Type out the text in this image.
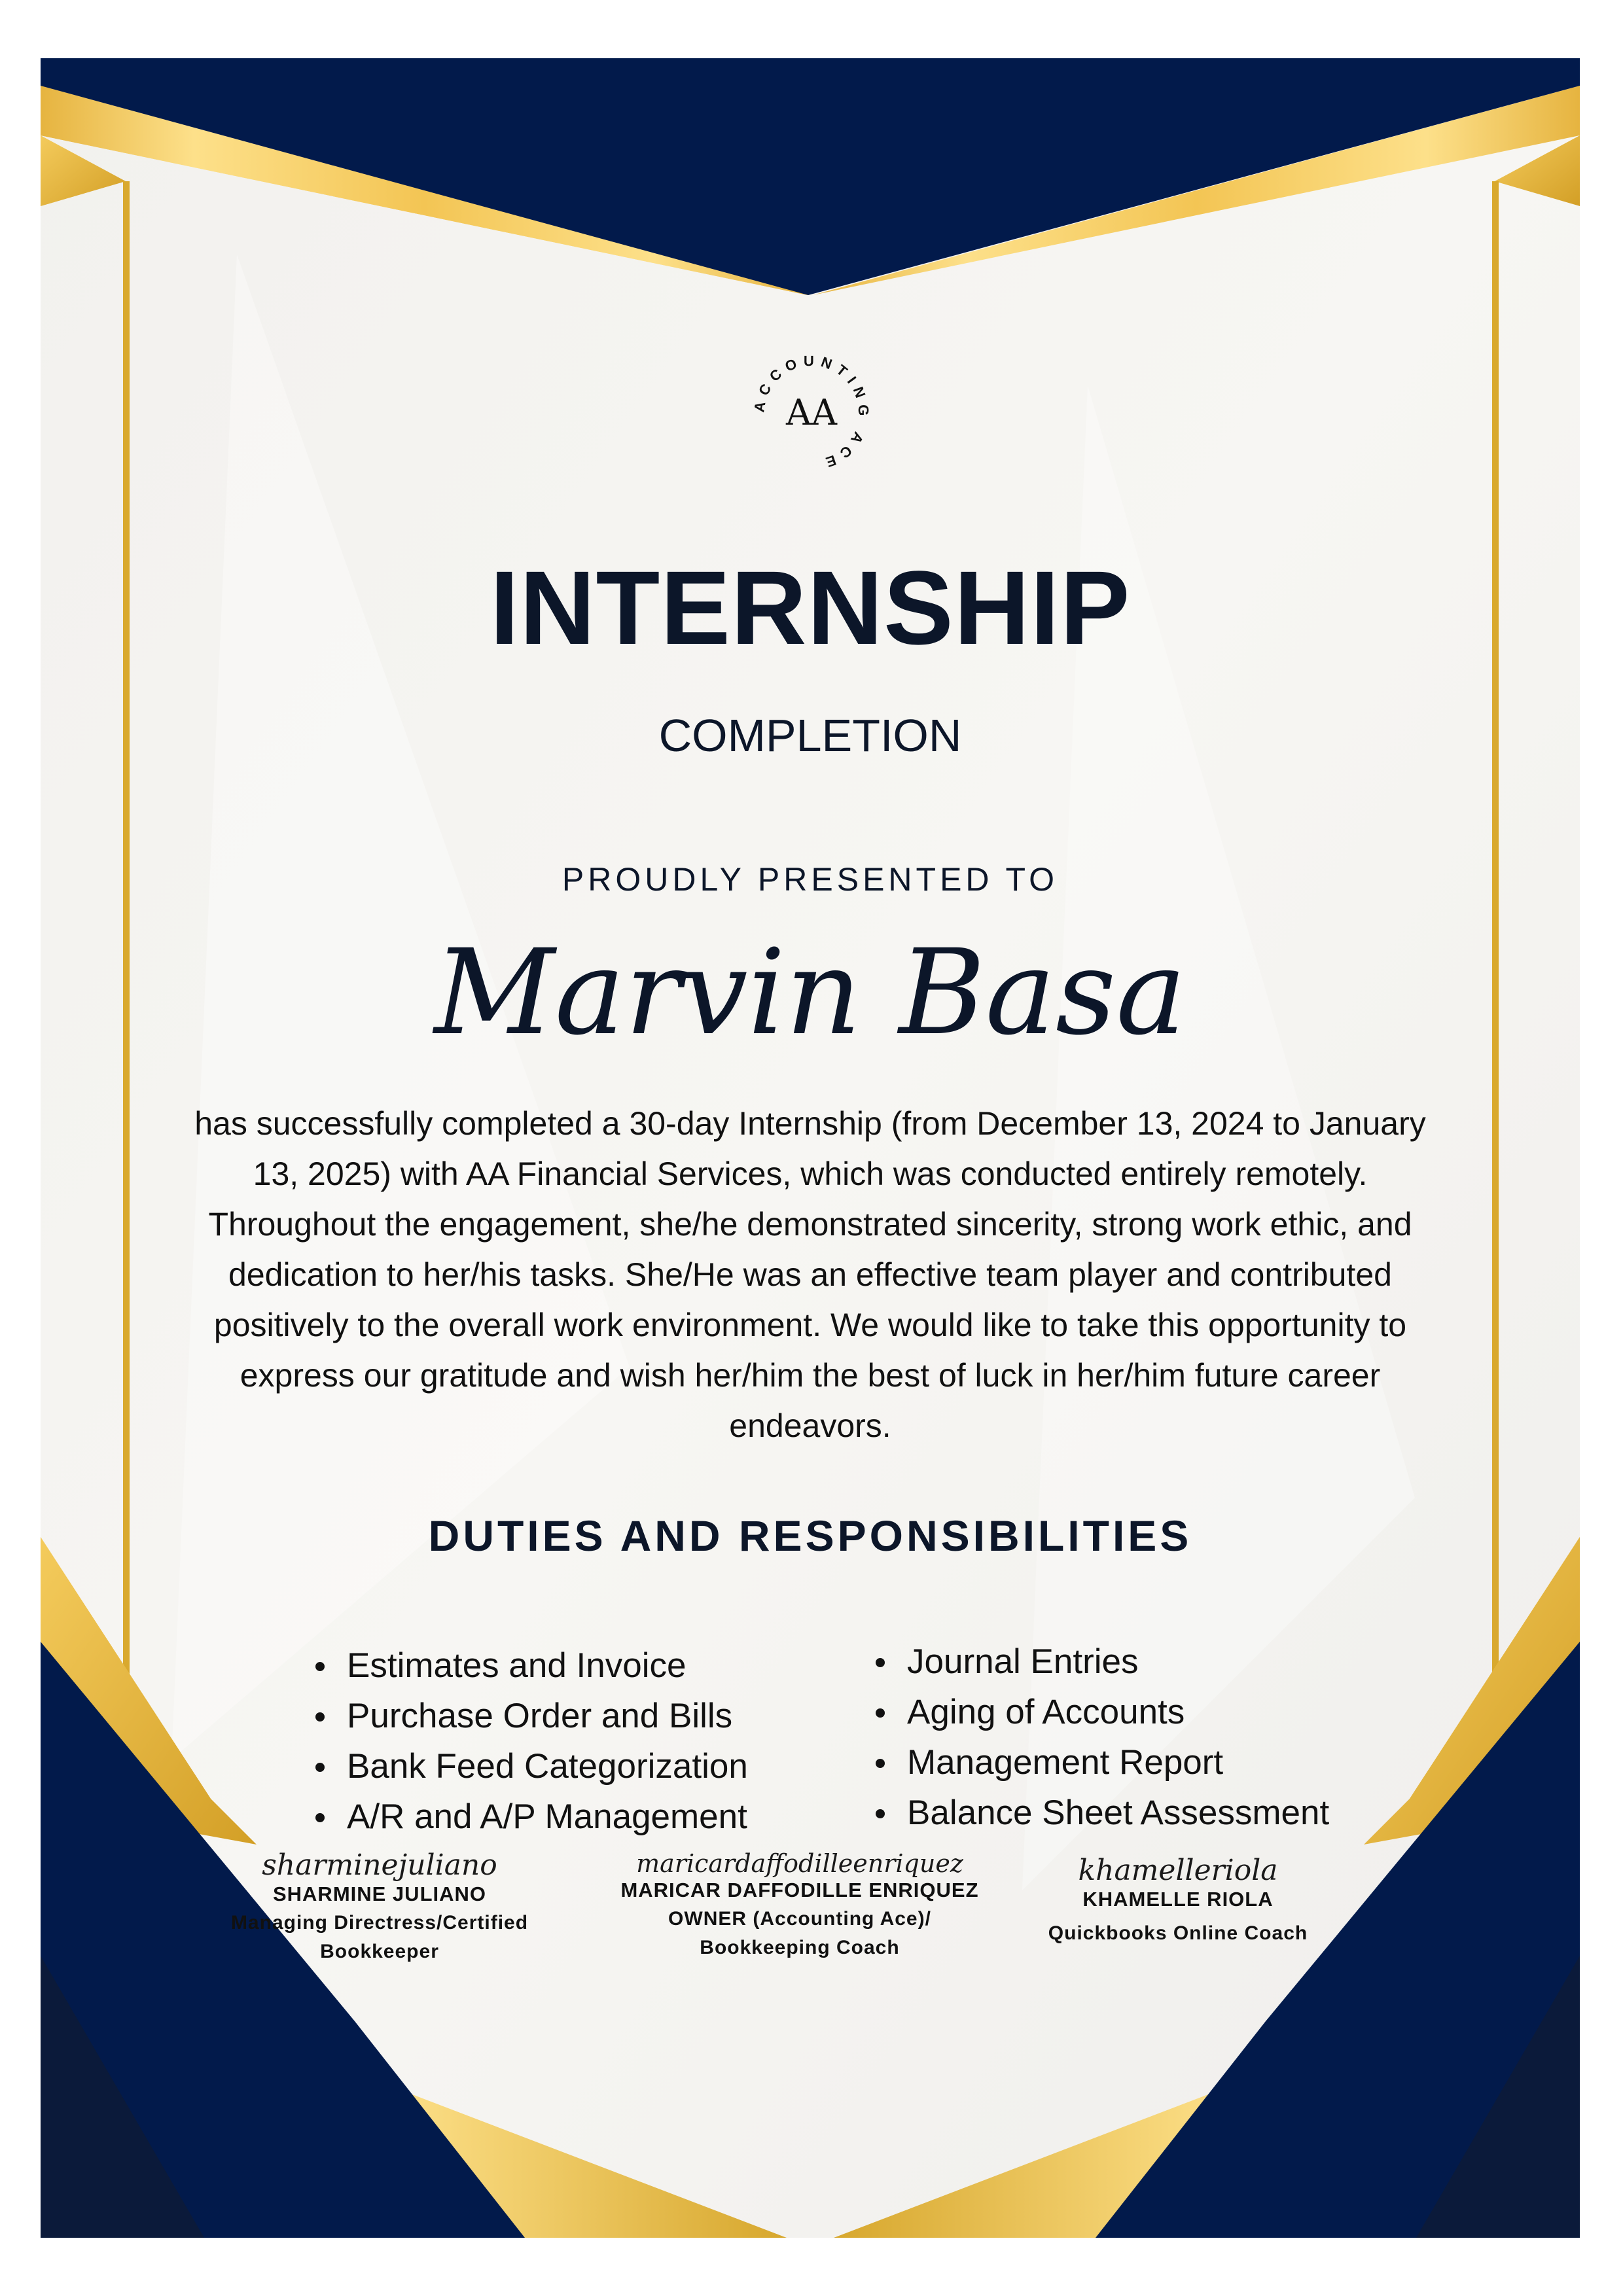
ACCOUNTING ACE
AA
INTERNSHIP
COMPLETION
PROUDLY PRESENTED TO
Marvin Basa
has successfully completed a 30-day Internship (from December 13, 2024 to January 13, 2025) with AA Financial Services, which was conducted entirely remotely. Throughout the engagement, she/he demonstrated sincerity, strong work ethic, and dedication to her/his tasks. She/He was an effective team player and contributed positively to the overall work environment. We would like to take this opportunity to express our gratitude and wish her/him the best of luck in her/him future career endeavors.
DUTIES AND RESPONSIBILITIES
Estimates and Invoice
Purchase Order and Bills
Bank Feed Categorization
A/R and A/P Management
Journal Entries
Aging of Accounts
Management Report
Balance Sheet Assessment
sharminejuliano
SHARMINE JULIANO
Managing Directress/Certified
Bookkeeper
maricardaffodilleenriquez
MARICAR DAFFODILLE ENRIQUEZ
OWNER (Accounting Ace)/
Bookkeeping Coach
khamelleriola
KHAMELLE RIOLA
Quickbooks Online Coach
